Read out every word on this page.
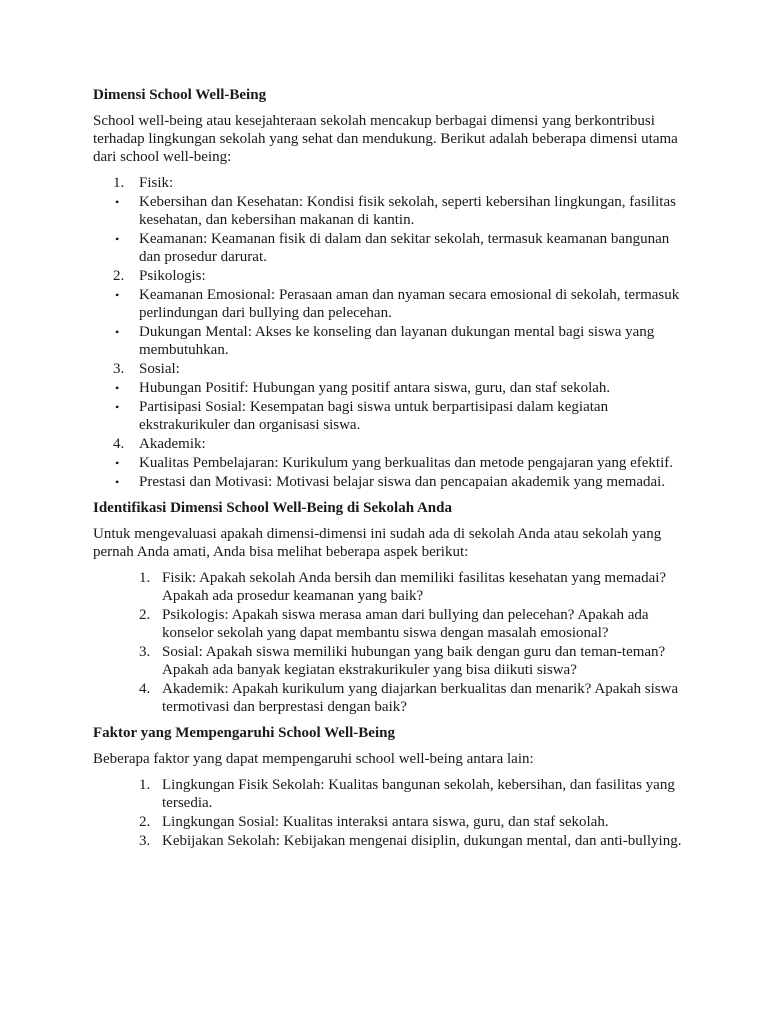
Dimensi School Well-Being

School well-being atau kesejahteraan sekolah mencakup berbagai dimensi yang berkontribusi terhadap lingkungan sekolah yang sehat dan mendukung. Berikut adalah beberapa dimensi utama dari school well-being:

1. Fisik:
• Kebersihan dan Kesehatan: Kondisi fisik sekolah, seperti kebersihan lingkungan, fasilitas kesehatan, dan kebersihan makanan di kantin.
• Keamanan: Keamanan fisik di dalam dan sekitar sekolah, termasuk keamanan bangunan dan prosedur darurat.
2. Psikologis:
• Keamanan Emosional: Perasaan aman dan nyaman secara emosional di sekolah, termasuk perlindungan dari bullying dan pelecehan.
• Dukungan Mental: Akses ke konseling dan layanan dukungan mental bagi siswa yang membutuhkan.
3. Sosial:
• Hubungan Positif: Hubungan yang positif antara siswa, guru, dan staf sekolah.
• Partisipasi Sosial: Kesempatan bagi siswa untuk berpartisipasi dalam kegiatan ekstrakurikuler dan organisasi siswa.
4. Akademik:
• Kualitas Pembelajaran: Kurikulum yang berkualitas dan metode pengajaran yang efektif.
• Prestasi dan Motivasi: Motivasi belajar siswa dan pencapaian akademik yang memadai.
Identifikasi Dimensi School Well-Being di Sekolah Anda

Untuk mengevaluasi apakah dimensi-dimensi ini sudah ada di sekolah Anda atau sekolah yang pernah Anda amati, Anda bisa melihat beberapa aspek berikut:

1. Fisik: Apakah sekolah Anda bersih dan memiliki fasilitas kesehatan yang memadai? Apakah ada prosedur keamanan yang baik?
2. Psikologis: Apakah siswa merasa aman dari bullying dan pelecehan? Apakah ada konselor sekolah yang dapat membantu siswa dengan masalah emosional?
3. Sosial: Apakah siswa memiliki hubungan yang baik dengan guru dan teman-teman? Apakah ada banyak kegiatan ekstrakurikuler yang bisa diikuti siswa?
4. Akademik: Apakah kurikulum yang diajarkan berkualitas dan menarik? Apakah siswa termotivasi dan berprestasi dengan baik?
Faktor yang Mempengaruhi School Well-Being

Beberapa faktor yang dapat mempengaruhi school well-being antara lain:

1. Lingkungan Fisik Sekolah: Kualitas bangunan sekolah, kebersihan, dan fasilitas yang tersedia.
2. Lingkungan Sosial: Kualitas interaksi antara siswa, guru, dan staf sekolah.
3. Kebijakan Sekolah: Kebijakan mengenai disiplin, dukungan mental, dan anti-bullying.
